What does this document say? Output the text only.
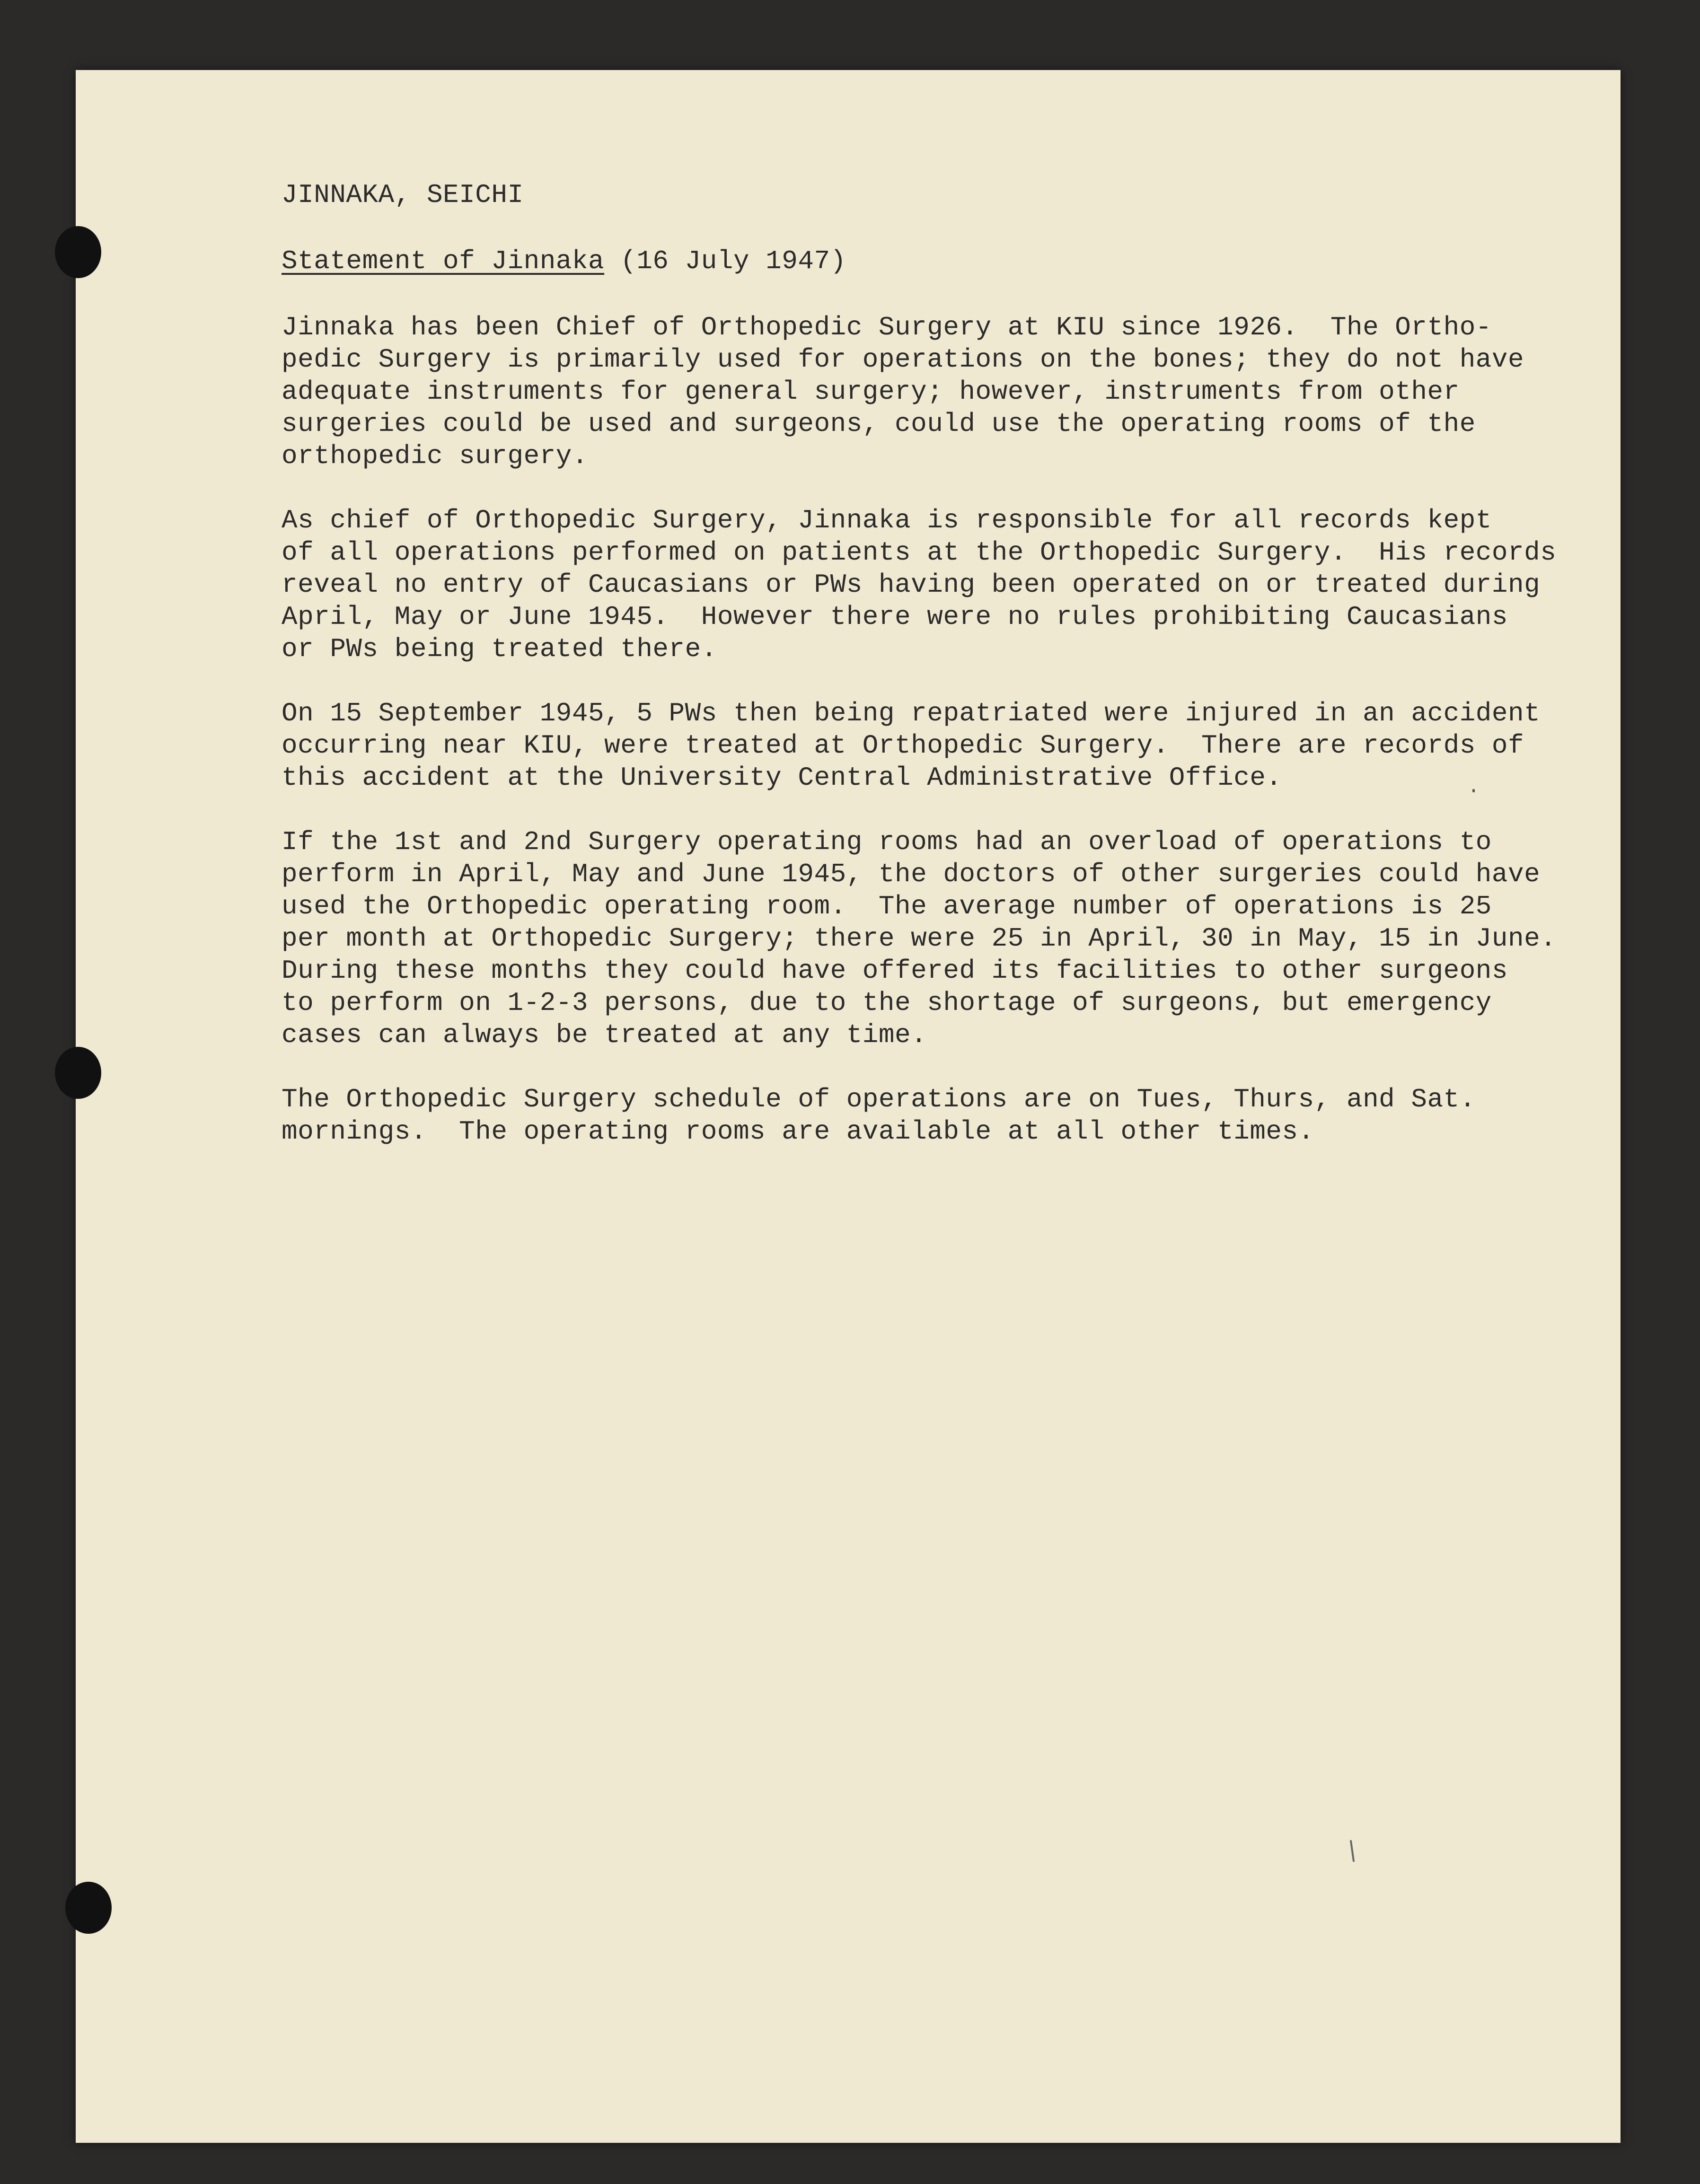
JINNAKA, SEICHI
Statement of Jinnaka (16 July 1947)
Jinnaka has been Chief of Orthopedic Surgery at KIU since 1926.  The Ortho-
pedic Surgery is primarily used for operations on the bones; they do not have
adequate instruments for general surgery; however, instruments from other
surgeries could be used and surgeons, could use the operating rooms of the
orthopedic surgery.
As chief of Orthopedic Surgery, Jinnaka is responsible for all records kept
of all operations performed on patients at the Orthopedic Surgery.  His records
reveal no entry of Caucasians or PWs having been operated on or treated during
April, May or June 1945.  However there were no rules prohibiting Caucasians
or PWs being treated there.
On 15 September 1945, 5 PWs then being repatriated were injured in an accident
occurring near KIU, were treated at Orthopedic Surgery.  There are records of
this accident at the University Central Administrative Office.
If the 1st and 2nd Surgery operating rooms had an overload of operations to
perform in April, May and June 1945, the doctors of other surgeries could have
used the Orthopedic operating room.  The average number of operations is 25
per month at Orthopedic Surgery; there were 25 in April, 30 in May, 15 in June.
During these months they could have offered its facilities to other surgeons
to perform on 1-2-3 persons, due to the shortage of surgeons, but emergency
cases can always be treated at any time.
The Orthopedic Surgery schedule of operations are on Tues, Thurs, and Sat.
mornings.  The operating rooms are available at all other times.
